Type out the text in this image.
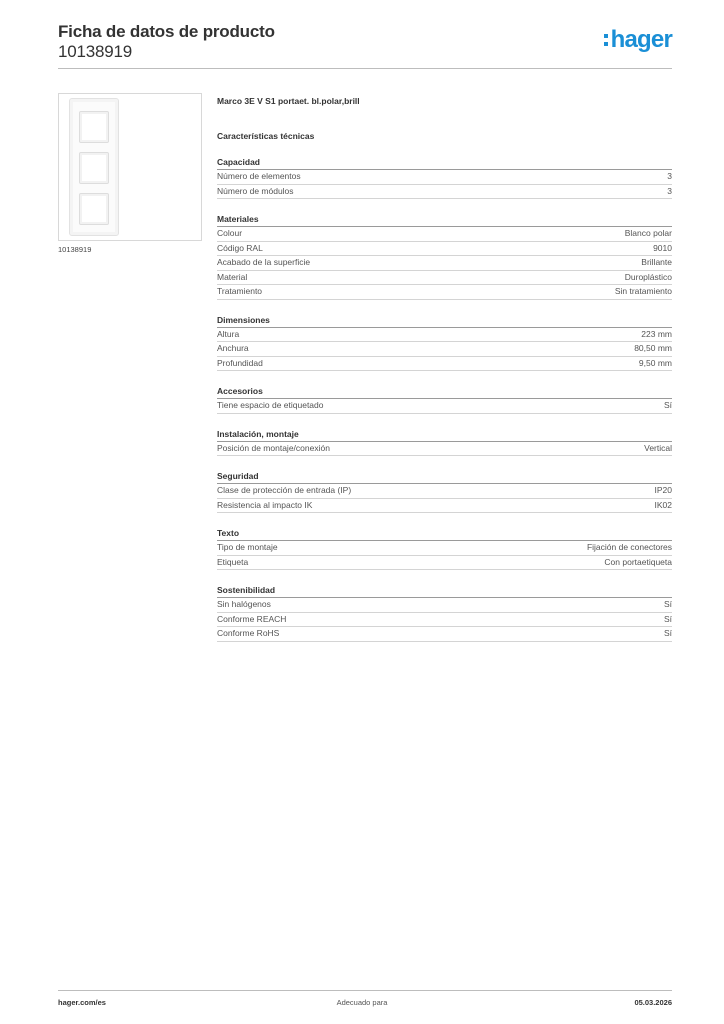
Ficha de datos de producto
10138919	hager
10138919
Marco 3E V S1 portaet. bl.polar,brill
Características técnicas
Capacidad
Número de elementos	3
Número de módulos	3
Materiales
Colour	Blanco polar
Código RAL	9010
Acabado de la superficie	Brillante
Material	Duroplástico
Tratamiento	Sin tratamiento
Dimensiones
Altura	223 mm
Anchura	80,50 mm
Profundidad	9,50 mm
Accesorios
Tiene espacio de etiquetado	Sí
Instalación, montaje
Posición de montaje/conexión	Vertical
Seguridad
Clase de protección de entrada (IP)	IP20
Resistencia al impacto IK	IK02
Texto
Tipo de montaje	Fijación de conectores
Etiqueta	Con portaetiqueta
Sostenibilidad
Sin halógenos	Sí
Conforme REACH	Sí
Conforme RoHS	Sí
hager.com/es	Adecuado para	05.03.2026
